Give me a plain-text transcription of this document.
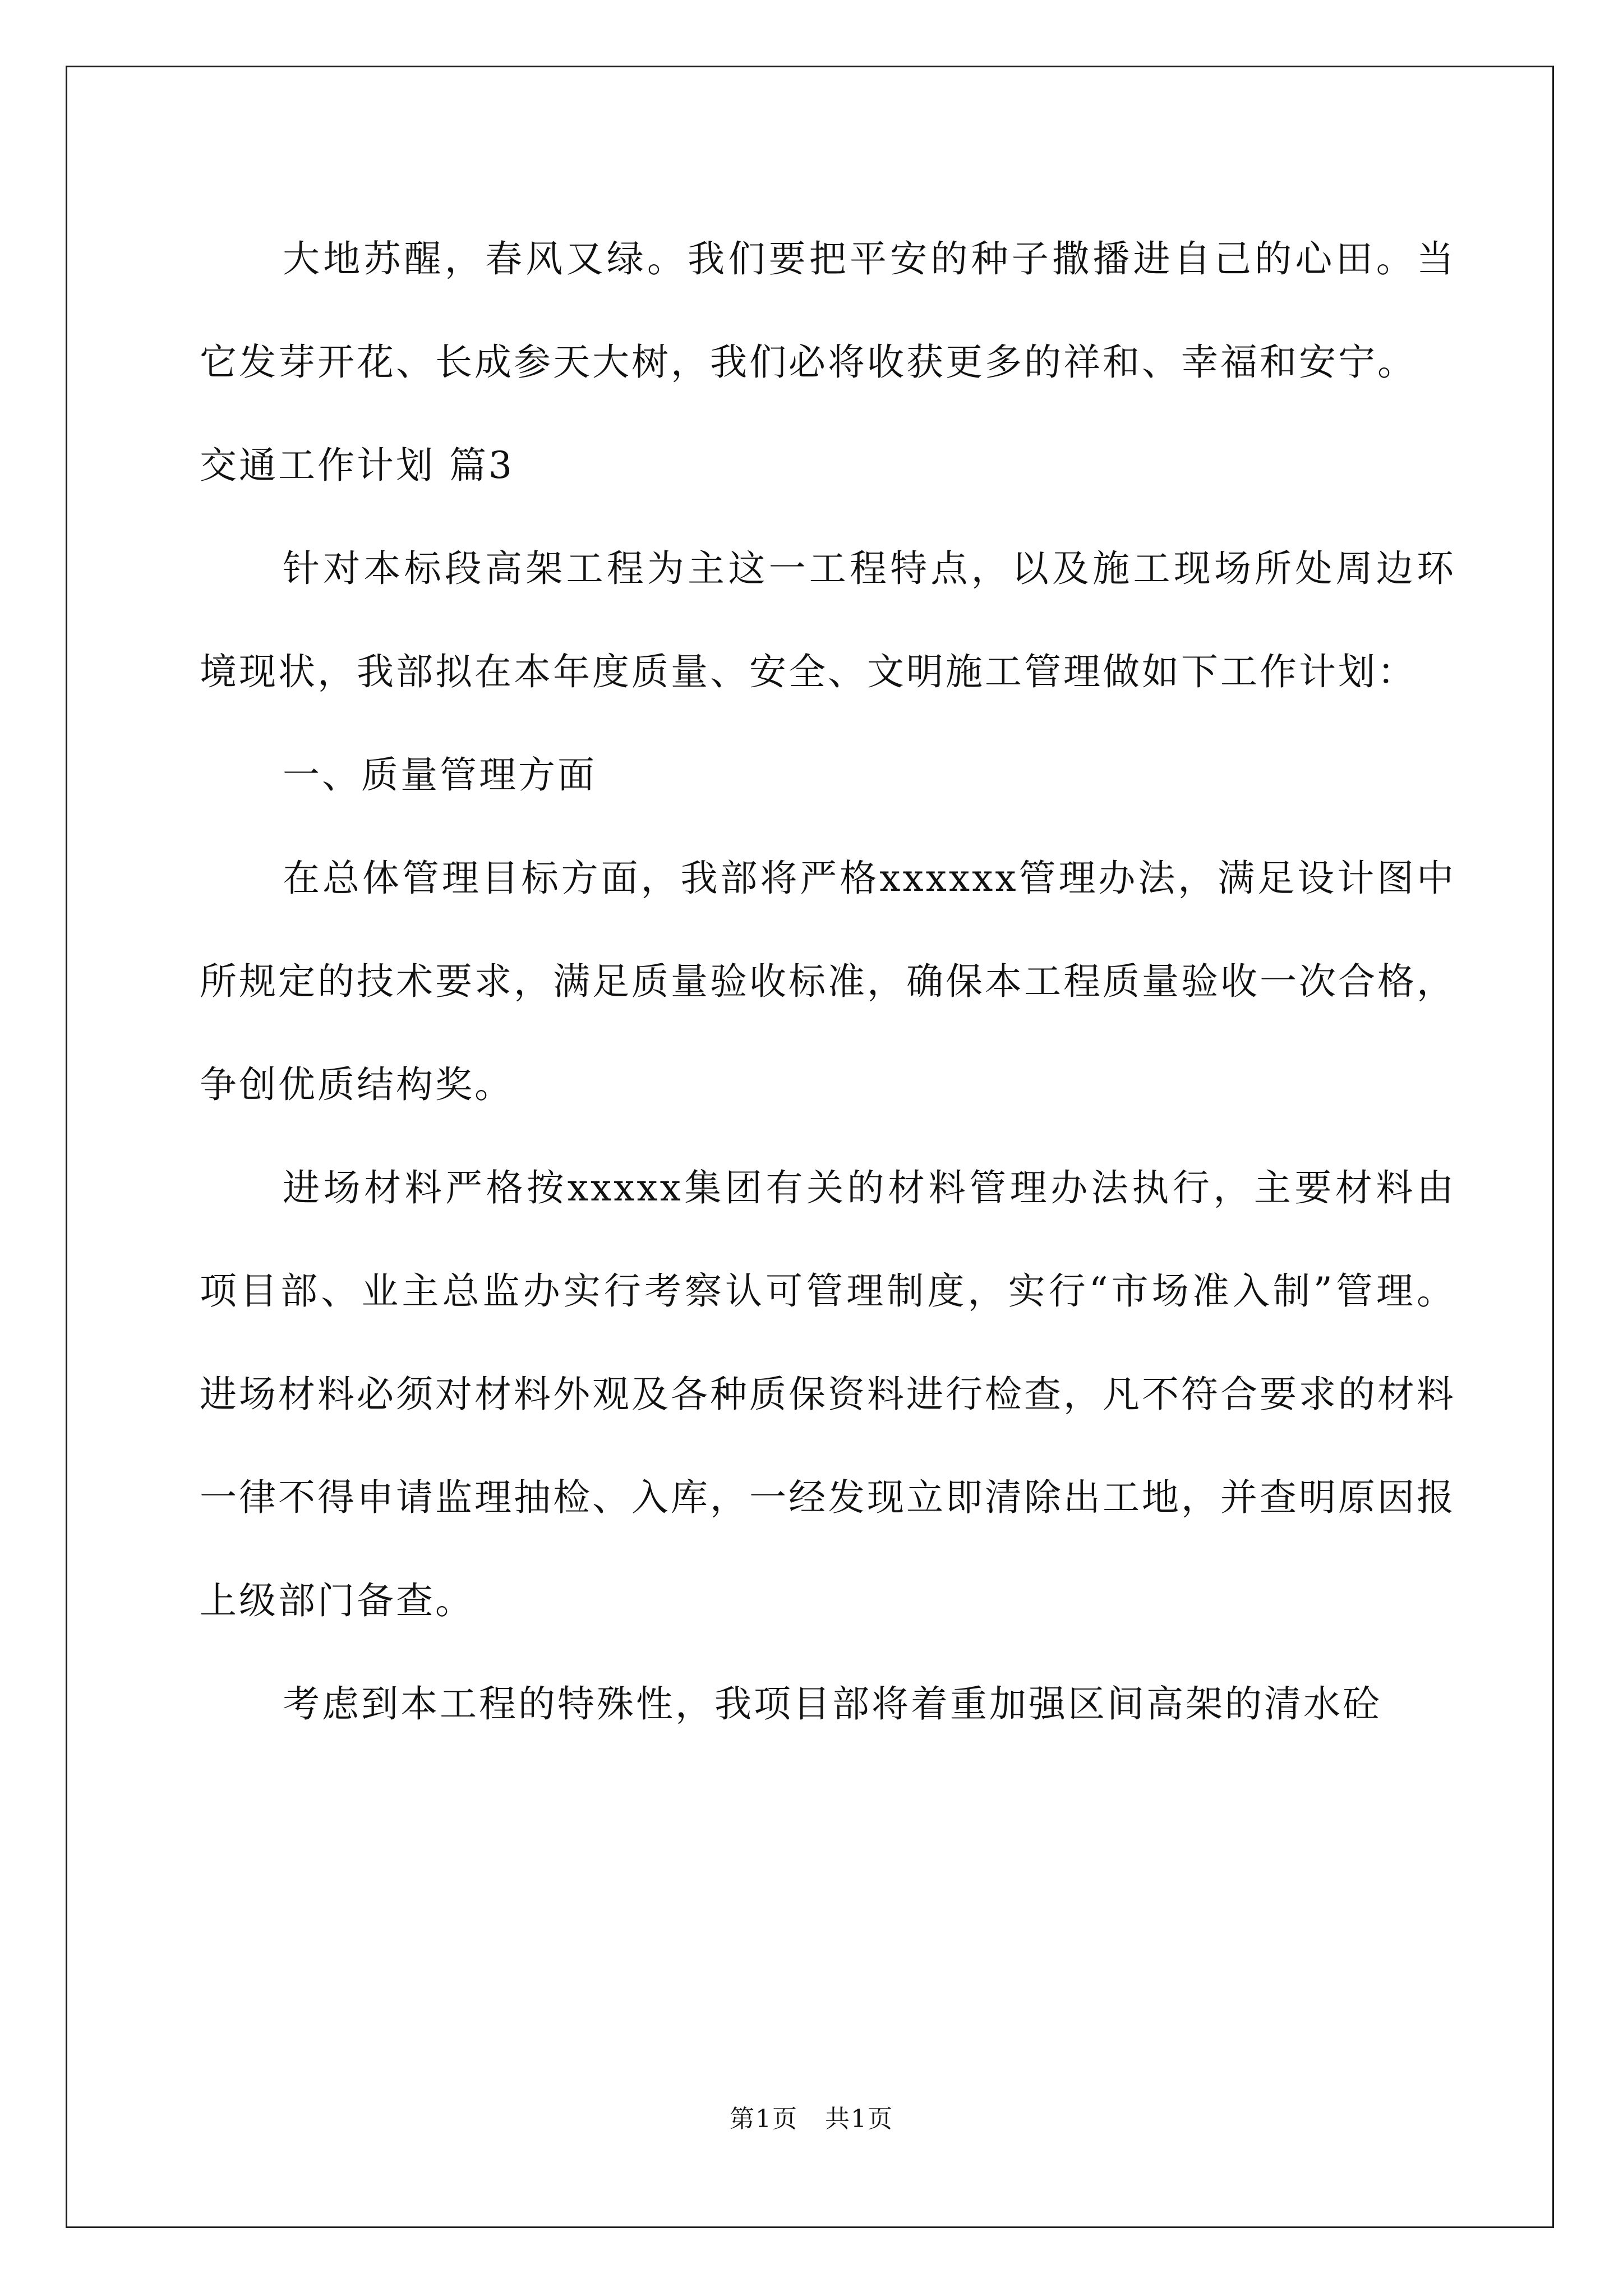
大地苏醒，春风又绿。我们要把平安的种子撒播进自己的心田。当它发芽开花、长成参天大树，我们必将收获更多的祥和、幸福和安宁。

交通工作计划 篇3

针对本标段高架工程为主这一工程特点，以及施工现场所处周边环境现状，我部拟在本年度质量、安全、文明施工管理做如下工作计划：

一、质量管理方面

在总体管理目标方面，我部将严格xxxxxx管理办法，满足设计图中所规定的技术要求，满足质量验收标准，确保本工程质量验收一次合格，争创优质结构奖。

进场材料严格按xxxxx集团有关的材料管理办法执行，主要材料由项目部、业主总监办实行考察认可管理制度，实行“市场准入制”管理。进场材料必须对材料外观及各种质保资料进行检查，凡不符合要求的材料一律不得申请监理抽检、入库，一经发现立即清除出工地，并查明原因报上级部门备查。

考虑到本工程的特殊性，我项目部将着重加强区间高架的清水砼

第1页 共1页
